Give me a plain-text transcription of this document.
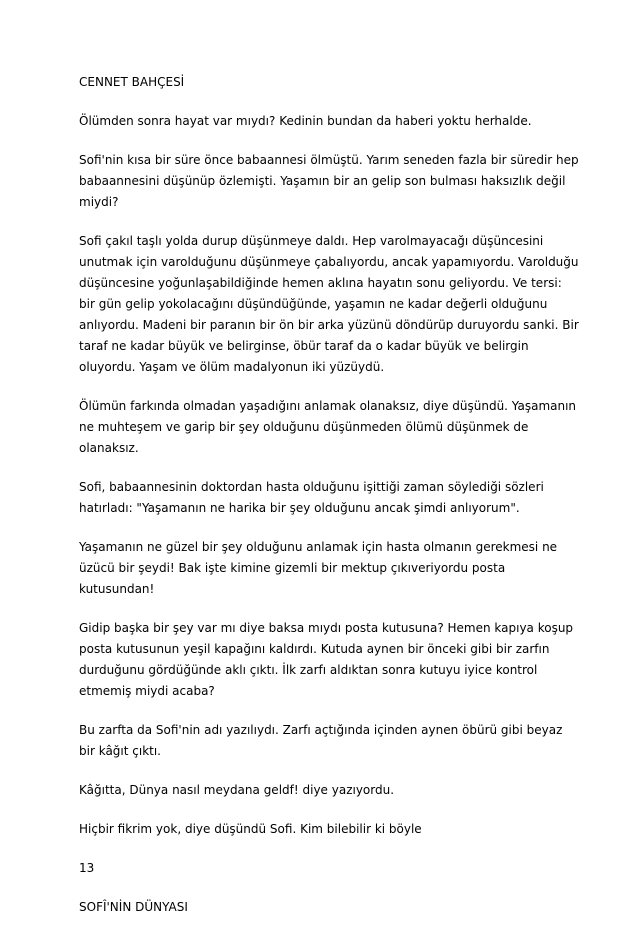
CENNET BAHÇESİ

Ölümden sonra hayat var mıydı? Kedinin bundan da haberi yoktu herhalde.

Sofi'nin kısa bir süre önce babaannesi ölmüştü. Yarım seneden fazla bir süredir hep babaannesini düşünüp özlemişti. Yaşamın bir an gelip son bulması haksızlık değil miydi?

Sofi çakıl taşlı yolda durup düşünmeye daldı. Hep varolmayacağı düşüncesini unutmak için varolduğunu düşünmeye çabalıyordu, ancak yapamıyordu. Varolduğu düşüncesine yoğunlaşabildiğinde hemen aklına hayatın sonu geliyordu. Ve tersi: bir gün gelip yokolacağını düşündüğünde, yaşamın ne kadar değerli olduğunu anlıyordu. Madeni bir paranın bir ön bir arka yüzünü döndürüp duruyordu sanki. Bir taraf ne kadar büyük ve belirginse, öbür taraf da o kadar büyük ve belirgin oluyordu. Yaşam ve ölüm madalyonun iki yüzüydü.

Ölümün farkında olmadan yaşadığını anlamak olanaksız, diye düşündü. Yaşamanın ne muhteşem ve garip bir şey olduğunu düşünmeden ölümü düşünmek de olanaksız.

Sofi, babaannesinin doktordan hasta olduğunu işittiği zaman söylediği sözleri hatırladı: "Yaşamanın ne harika bir şey olduğunu ancak şimdi anlıyorum".

Yaşamanın ne güzel bir şey olduğunu anlamak için hasta olmanın gerekmesi ne üzücü bir şeydi! Bak işte kimine gizemli bir mektup çıkıveriyordu posta kutusundan!

Gidip başka bir şey var mı diye baksa mıydı posta kutusuna? Hemen kapıya koşup posta kutusunun yeşil kapağını kaldırdı. Kutuda aynen bir önceki gibi bir zarfın durduğunu gördüğünde aklı çıktı. İlk zarfı aldıktan sonra kutuyu iyice kontrol etmemiş miydi acaba?

Bu zarfta da Sofi'nin adı yazılıydı. Zarfı açtığında içinden aynen öbürü gibi beyaz bir kâğıt çıktı.

Kâğıtta, Dünya nasıl meydana geldf! diye yazıyordu.

Hiçbir fikrim yok, diye düşündü Sofi. Kim bilebilir ki böyle

13

SOFÎ'NİN DÜNYASI
